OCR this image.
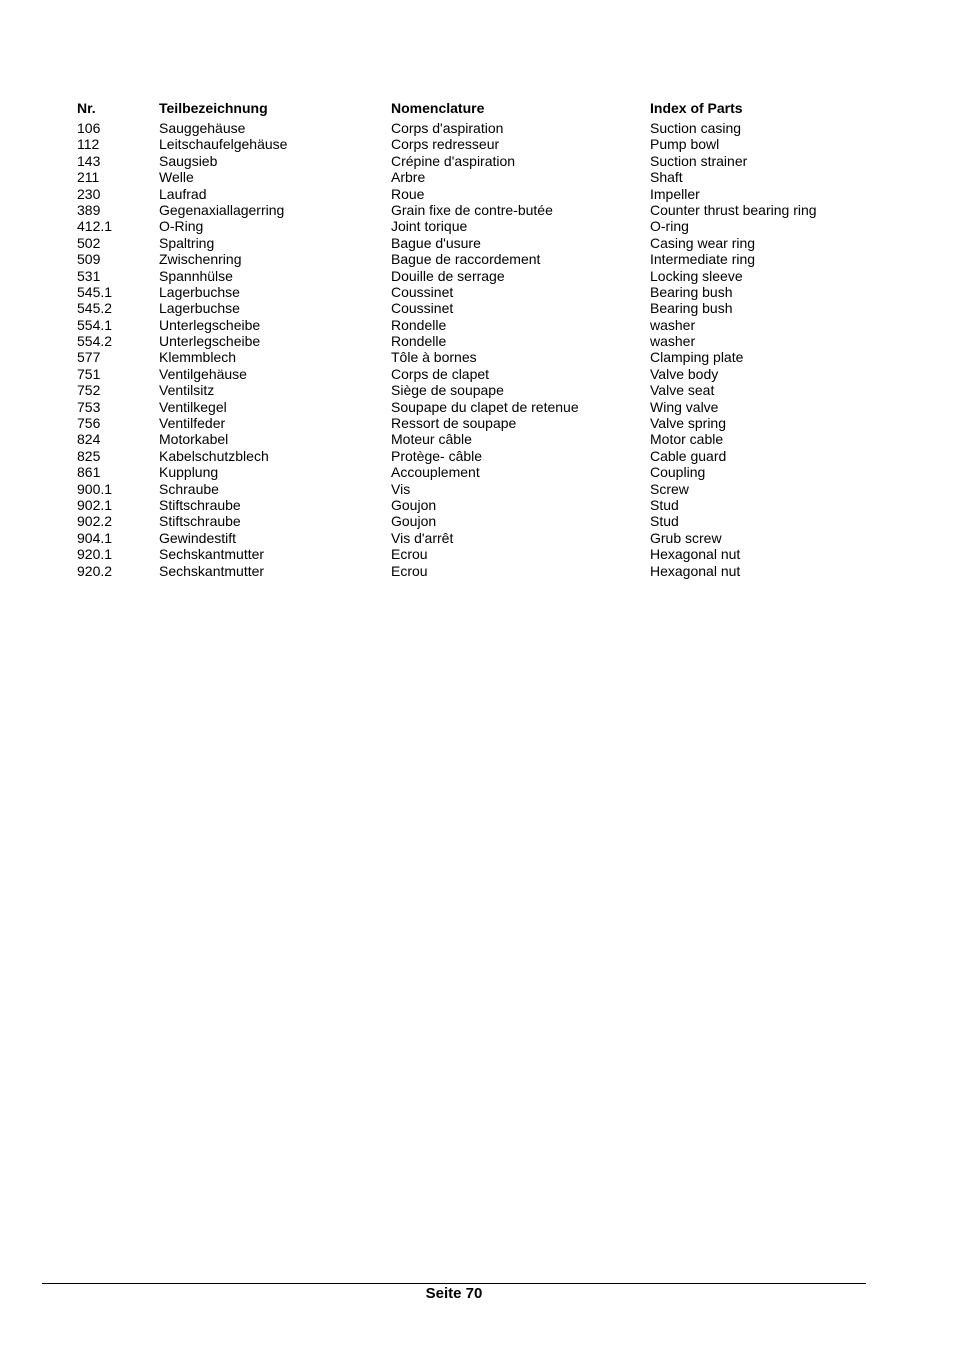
Nr.	Teilbezeichnung	Nomenclature	Index of Parts
106	Sauggehäuse	Corps d'aspiration	Suction casing
112	Leitschaufelgehäuse	Corps redresseur	Pump bowl
143	Saugsieb	Crépine d'aspiration	Suction strainer
211	Welle	Arbre	Shaft
230	Laufrad	Roue	Impeller
389	Gegenaxiallagerring	Grain fixe de contre-butée	Counter thrust bearing ring
412.1	O-Ring	Joint torique	O-ring
502	Spaltring	Bague d'usure	Casing wear ring
509	Zwischenring	Bague de raccordement	Intermediate ring
531	Spannhülse	Douille de serrage	Locking sleeve
545.1	Lagerbuchse	Coussinet	Bearing bush
545.2	Lagerbuchse	Coussinet	Bearing bush
554.1	Unterlegscheibe	Rondelle	washer
554.2	Unterlegscheibe	Rondelle	washer
577	Klemmblech	Tôle à bornes	Clamping plate
751	Ventilgehäuse	Corps de clapet	Valve body
752	Ventilsitz	Siège de soupape	Valve seat
753	Ventilkegel	Soupape du clapet de retenue	Wing valve
756	Ventilfeder	Ressort de soupape	Valve spring
824	Motorkabel	Moteur câble	Motor cable
825	Kabelschutzblech	Protège- câble	Cable guard
861	Kupplung	Accouplement	Coupling
900.1	Schraube	Vis	Screw
902.1	Stiftschraube	Goujon	Stud
902.2	Stiftschraube	Goujon	Stud
904.1	Gewindestift	Vis d'arrêt	Grub screw
920.1	Sechskantmutter	Ecrou	Hexagonal nut
920.2	Sechskantmutter	Ecrou	Hexagonal nut
Seite 70
